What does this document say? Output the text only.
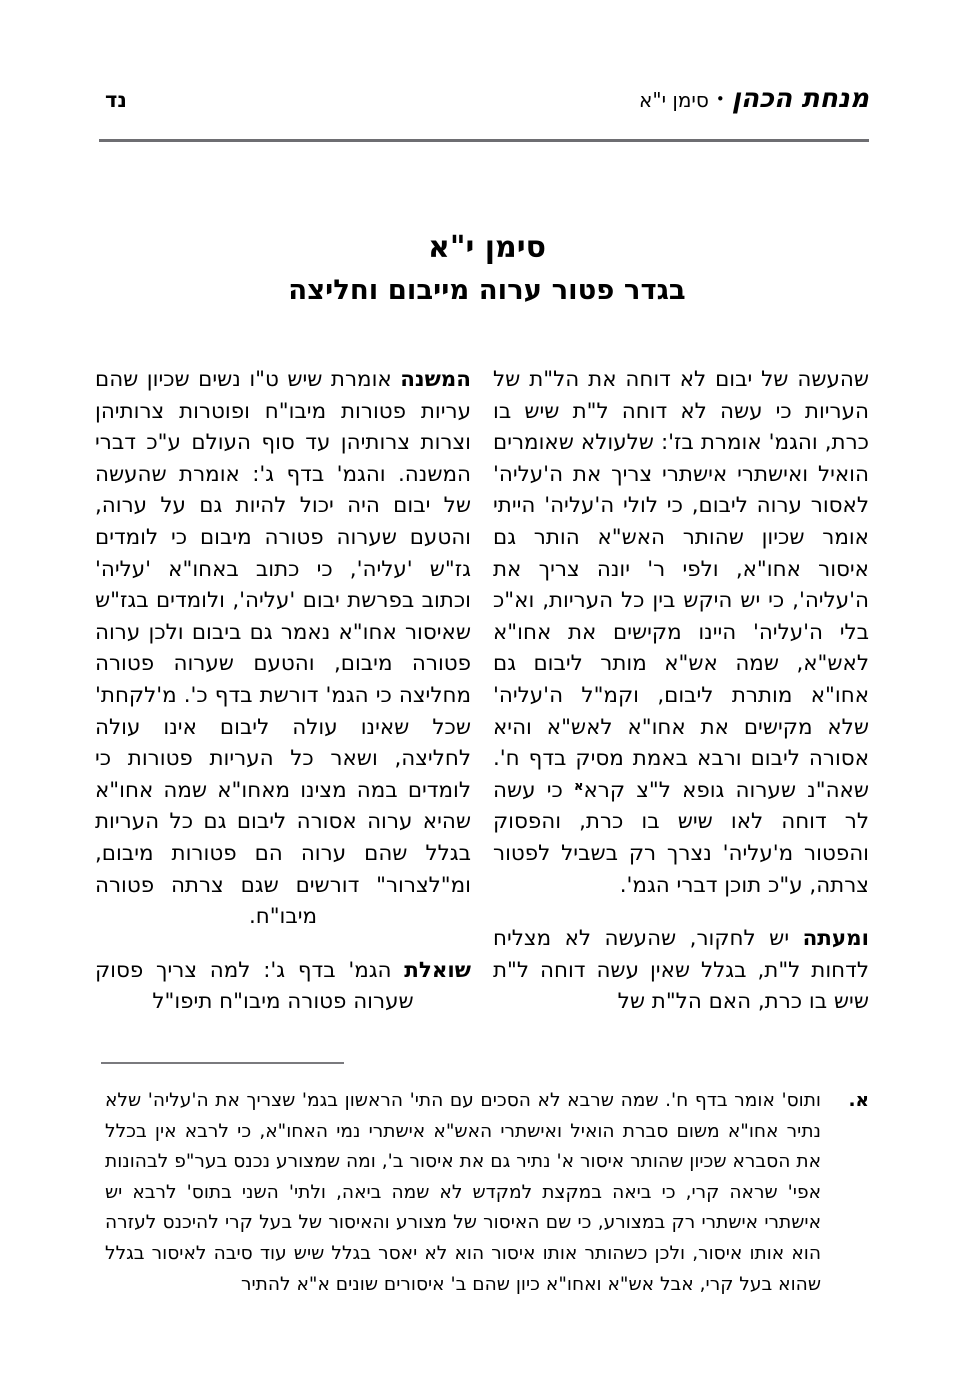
מנחת הכהן•סימן י"א
נד
סימן י"א
בגדר פטור ערוה מייבום וחליצה

שהעשה של יבום לא דוחה את הל"ת של העריות כי עשה לא דוחה ל"ת שיש בו כרת, והגמ' אומרת בז': שלעולא שאומרים הואיל ואישתרי אישתרי צריך את ה'עליה' לאסור ערוה ליבום, כי לולי ה'עליה' הייתי אומר שכיון שהותר האש"א הותר גם איסור אחו"א, ולפי ר' יונה צריך את ה'עליה', כי יש היקש בין כל העריות, וא"כ בלי ה'עליה' היינו מקישים את אחו"א לאש"א, שמה אש"א מותר ליבום גם אחו"א מותרת ליבום, וקמ"ל ה'עליה' שלא מקישים את אחו"א לאש"א והיא אסורה ליבום ורבא באמת מסיק בדף ח'. שאה"נ שערוה גופא ל"צ קרא$^א$ כי עשה לר דוחה לאו שיש בו כרת, והפסוק והפטור מ'עליה' נצרך רק בשביל לפטור צרתה, ע"כ תוכן דברי הגמ'.

ומעתה יש לחקור, שהעשה לא מצליח לדחות ל"ת, בגלל שאין עשה דוחה ל"ת שיש בו כרת, האם הל"ת של

המשנה אומרת שיש ט"ו נשים שכיון שהם עריות פטורות מיבו"ח ופוטרות צרותיהן וצרות צרותיהן עד סוף העולם ע"כ דברי המשנה. והגמ' בדף ג': אומרת שהעשה של יבום היה יכול להיות גם על ערוה, והטעם שערוה פטורה מיבום כי לומדים גז"ש 'עליה', כי כתוב באחו"א 'עליה' וכתוב בפרשת יבום 'עליה', ולומדים בגז"ש שאיסור אחו"א נאמר גם ביבום ולכן ערוה פטורה מיבום, והטעם שערוה פטורה מחליצה כי הגמ' דורשת בדף כ'. מ'לקחת' שכל שאינו עולה ליבום אינו עולה לחליצה, ושאר כל העריות פטורות כי לומדים במה מצינו מאחו"א שמה אחו"א שהיא ערוה אסורה ליבום גם כל העריות בגלל שהם ערוה הם פטורות מיבום, ומ"לצרור" דורשים שגם צרתה פטורה מיבו"ח.

שואלת הגמ' בדף ג': למה צריך פסוק שערוה פטורה מיבו"ח תיפו"ל

א.
ותוס' אומר בדף ח'. שמה שרבא לא הסכים עם התי' הראשון בגמ' שצריך את ה'עליה' שלא נתיר אחו"א משום סברת הואיל ואישתרי האש"א אישתרי נמי האחו"א, כי לרבא אין בכלל את הסברא שכיון שהותר איסור א' נתיר גם את איסור ב', ומה שמצורע נכנס בער"פ לבהונות אפי' שראה קרי, כי ביאה במקצת למקדש לא שמה ביאה, ולתי' השני בתוס' לרבא יש אישתרי אישתרי רק במצורע, כי שם האיסור של מצורע והאיסור של בעל קרי להיכנס לעזרה הוא אותו איסור, ולכן כשהותר אותו איסור הוא לא יאסר בגלל שיש עוד סיבה לאיסור בגלל שהוא בעל קרי, אבל אש"א ואחו"א כיון שהם ב' איסורים שונים א"א להתיר
